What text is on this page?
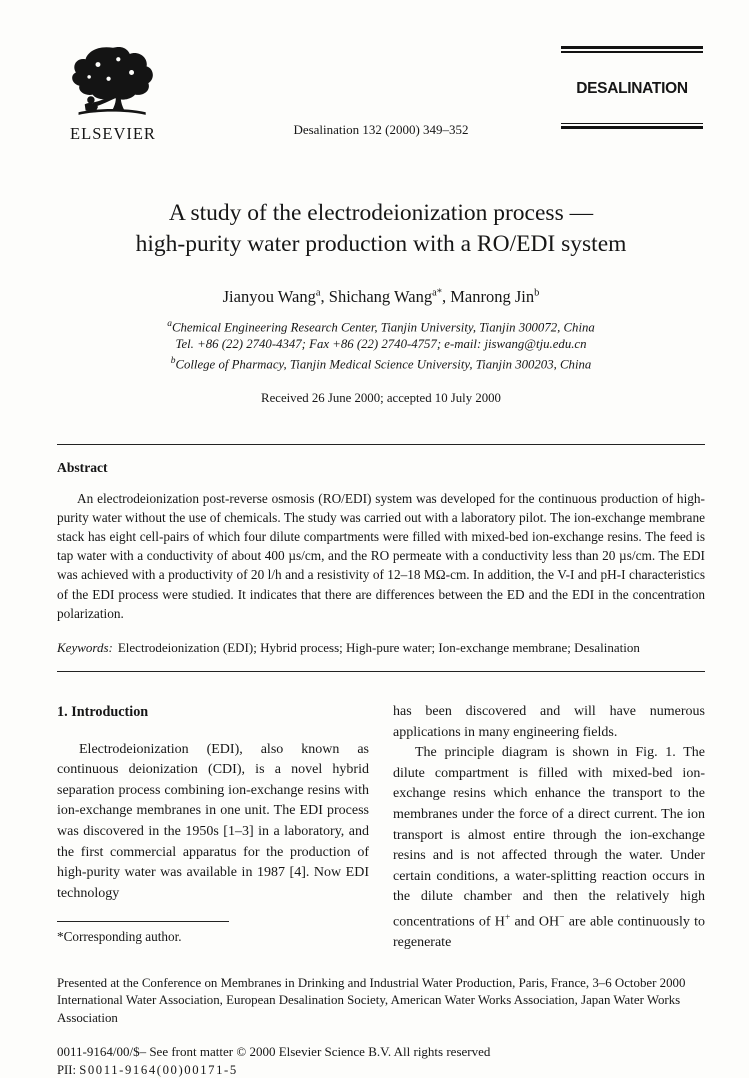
ELSEVIER	Desalination 132 (2000) 349–352
DESALINATION
A study of the electrodeionization process —
high-purity water production with a RO/EDI system
Jianyou Wang$^a$, Shichang Wang$^{a*}$, Manrong Jin$^b$
$^a$Chemical Engineering Research Center, Tianjin University, Tianjin 300072, China
Tel. +86 (22) 2740-4347; Fax +86 (22) 2740-4757; e-mail: jiswang@tju.edu.cn
$^b$College of Pharmacy, Tianjin Medical Science University, Tianjin 300203, China
Received 26 June 2000; accepted 10 July 2000
Abstract

An electrodeionization post-reverse osmosis (RO/EDI) system was developed for the continuous production of high-purity water without the use of chemicals. The study was carried out with a laboratory pilot. The ion-exchange membrane stack has eight cell-pairs of which four dilute compartments were filled with mixed-bed ion-exchange resins. The feed is tap water with a conductivity of about 400 µs/cm, and the RO permeate with a conductivity less than 20 µs/cm. The EDI was achieved with a productivity of 20 l/h and a resistivity of 12–18 MΩ-cm. In addition, the V-I and pH-I characteristics of the EDI process were studied. It indicates that there are differences between the ED and the EDI in the concentration polarization.

Keywords: Electrodeionization (EDI); Hybrid process; High-pure water; Ion-exchange membrane; Desalination
1. Introduction

Electrodeionization (EDI), also known as continuous deionization (CDI), is a novel hybrid separation process combining ion-exchange resins with ion-exchange membranes in one unit. The EDI process was discovered in the 1950s [1–3] in a laboratory, and the first commercial apparatus for the production of high-purity water was available in 1987 [4]. Now EDI technology

*Corresponding author.

has been discovered and will have numerous applications in many engineering fields.

The principle diagram is shown in Fig. 1. The dilute compartment is filled with mixed-bed ion-exchange resins which enhance the transport to the membranes under the force of a direct current. The ion transport is almost entire through the ion-exchange resins and is not affected through the water. Under certain conditions, a water-splitting reaction occurs in the dilute chamber and then the relatively high concentrations of H+ and OH− are able continuously to regenerate

Presented at the Conference on Membranes in Drinking and Industrial Water Production, Paris, France, 3–6 October 2000
International Water Association, European Desalination Society, American Water Works Association, Japan Water Works Association
0011-9164/00/$– See front matter © 2000 Elsevier Science B.V. All rights reserved
PII: S0011-9164(00)00171-5
